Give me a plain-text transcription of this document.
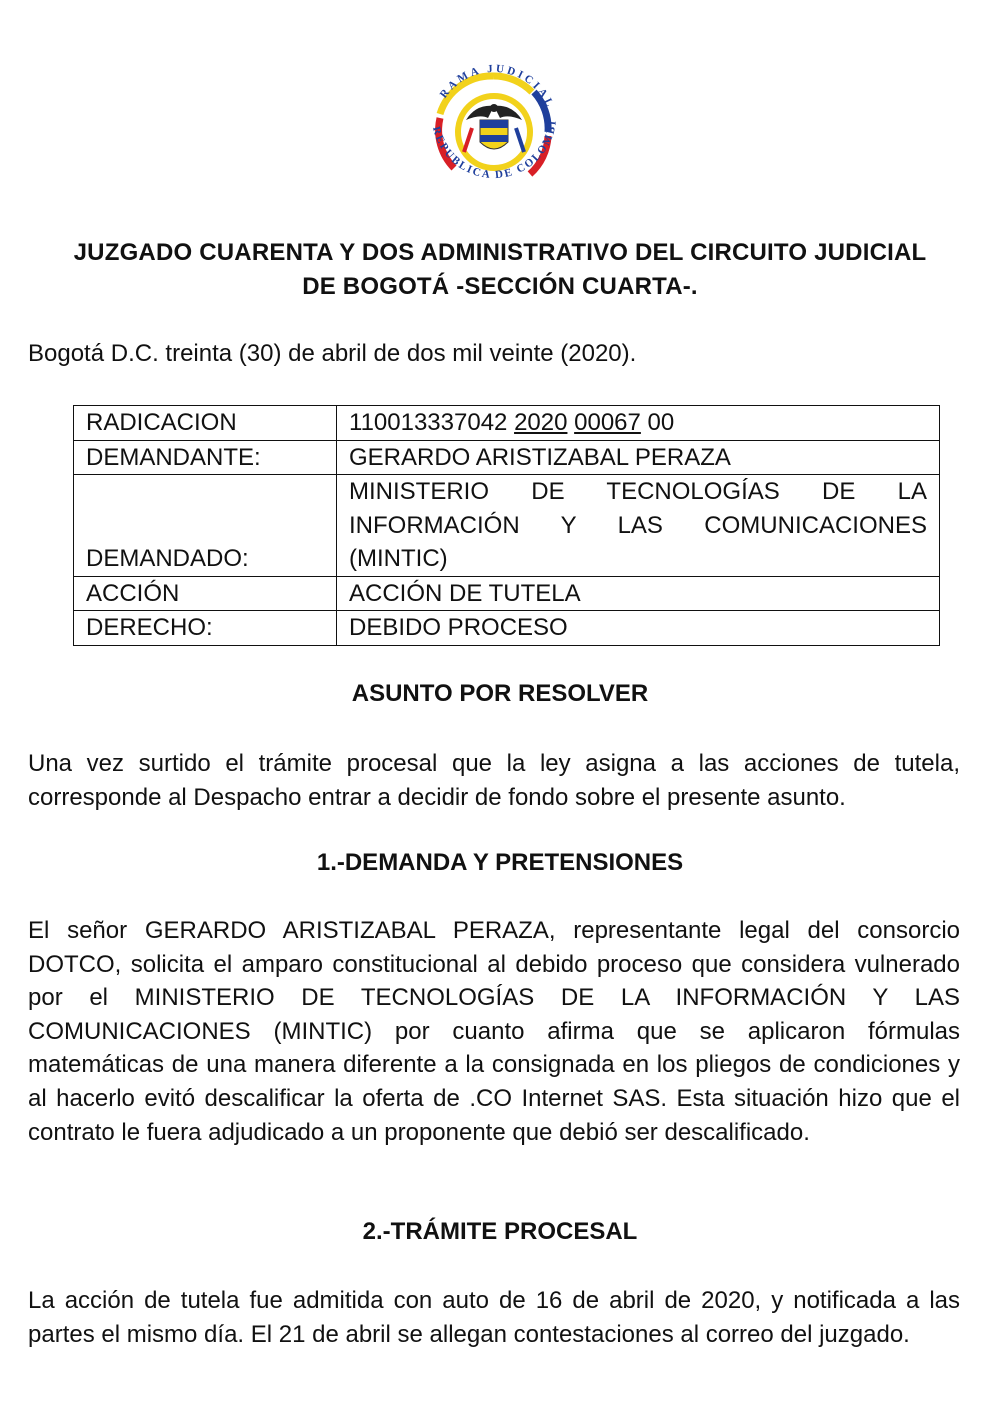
RAMA JUDICIAL
REPUBLICA DE COLOMBI
JUZGADO CUARENTA Y DOS ADMINISTRATIVO DEL CIRCUITO JUDICIAL
DE BOGOTÁ -SECCIÓN CUARTA-.
Bogotá D.C. treinta (30) de abril de dos mil veinte (2020).
RADICACION	110013337042 2020 00067 00
DEMANDANTE:	GERARDO ARISTIZABAL PERAZA
DEMANDADO:	MINISTERIO DE TECNOLOGÍAS DE LA INFORMACIÓN Y LAS COMUNICACIONES (MINTIC)
ACCIÓN	ACCIÓN DE TUTELA
DERECHO:	DEBIDO PROCESO
ASUNTO POR RESOLVER
Una vez surtido el trámite procesal que la ley asigna a las acciones de tutela, corresponde al Despacho entrar a decidir de fondo sobre el presente asunto.
1.-DEMANDA Y PRETENSIONES
El señor GERARDO ARISTIZABAL PERAZA, representante legal del consorcio DOTCO, solicita el amparo constitucional al debido proceso que considera vulnerado por el MINISTERIO DE TECNOLOGÍAS DE LA INFORMACIÓN Y LAS COMUNICACIONES (MINTIC) por cuanto afirma que se aplicaron fórmulas matemáticas de una manera diferente a la consignada en los pliegos de condiciones y al hacerlo evitó descalificar la oferta de .CO Internet SAS. Esta situación hizo que el contrato le fuera adjudicado a un proponente que debió ser descalificado.
2.-TRÁMITE PROCESAL
La acción de tutela fue admitida con auto de 16 de abril de 2020, y notificada a las partes el mismo día. El 21 de abril se allegan contestaciones al correo del juzgado.
